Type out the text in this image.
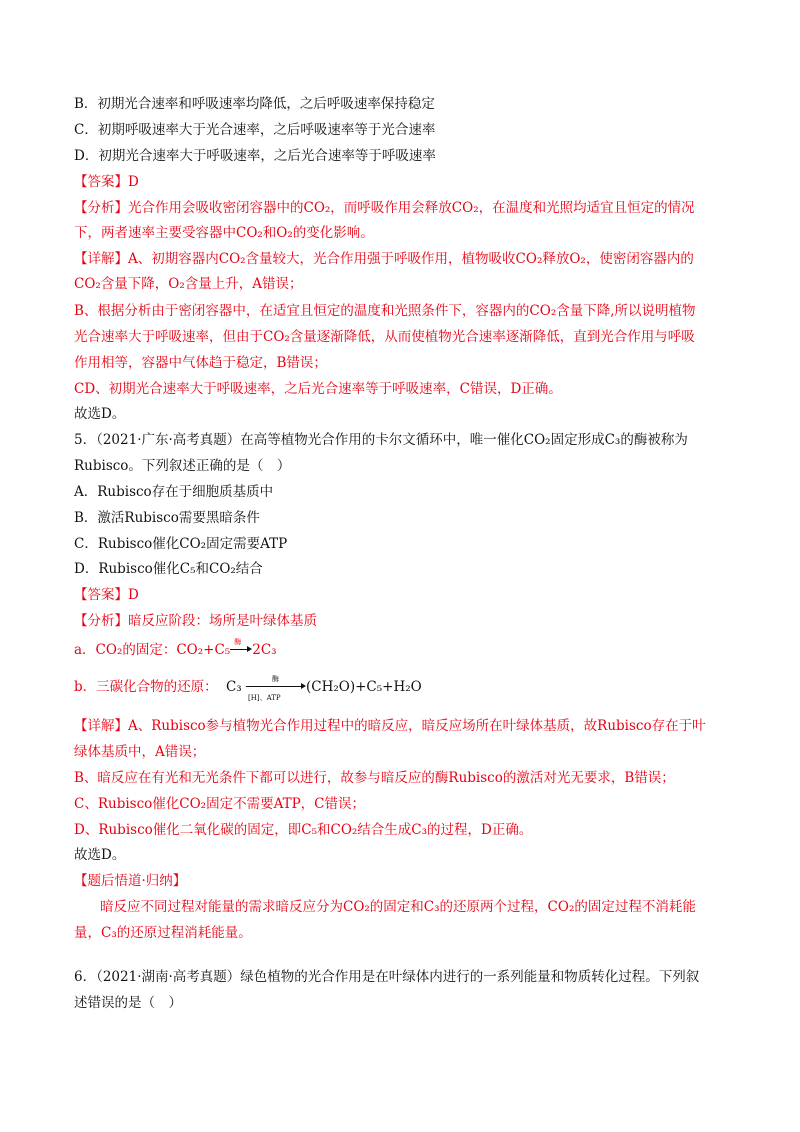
B．初期光合速率和呼吸速率均降低，之后呼吸速率保持稳定
C．初期呼吸速率大于光合速率，之后呼吸速率等于光合速率
D．初期光合速率大于呼吸速率，之后光合速率等于呼吸速率
【答案】D
【分析】光合作用会吸收密闭容器中的CO₂，而呼吸作用会释放CO₂，在温度和光照均适宜且恒定的情况
下，两者速率主要受容器中CO₂和O₂的变化影响。
【详解】A、初期容器内CO₂含量较大，光合作用强于呼吸作用，植物吸收CO₂释放O₂，使密闭容器内的
CO₂含量下降，O₂含量上升，A错误；
B、根据分析由于密闭容器中，在适宜且恒定的温度和光照条件下，容器内的CO₂含量下降,所以说明植物
光合速率大于呼吸速率，但由于CO₂含量逐渐降低，从而使植物光合速率逐渐降低，直到光合作用与呼吸
作用相等，容器中气体趋于稳定，B错误；
CD、初期光合速率大于呼吸速率，之后光合速率等于呼吸速率，C错误，D正确。
故选D。
5．（2021·广东·高考真题）在高等植物光合作用的卡尔文循环中，唯一催化CO₂固定形成C₃的酶被称为
Rubisco。下列叙述正确的是（　）
A．Rubisco存在于细胞质基质中
B．激活Rubisco需要黑暗条件
C．Rubisco催化CO₂固定需要ATP
D．Rubisco催化C₅和CO₂结合
【答案】D
【分析】暗反应阶段：场所是叶绿体基质
a．CO₂的固定：CO₂+C₅ 酶 2C₃
b．三碳化合物的还原： C₃	酶
[H]、ATP
(CH₂O)+C₅+H₂O
【详解】A、Rubisco参与植物光合作用过程中的暗反应，暗反应场所在叶绿体基质，故Rubisco存在于叶
绿体基质中，A错误；
B、暗反应在有光和无光条件下都可以进行，故参与暗反应的酶Rubisco的激活对光无要求，B错误；
C、Rubisco催化CO₂固定不需要ATP，C错误；
D、Rubisco催化二氧化碳的固定，即C₅和CO₂结合生成C₃的过程，D正确。
故选D。
【题后悟道·归纳】
暗反应不同过程对能量的需求暗反应分为CO₂的固定和C₃的还原两个过程，CO₂的固定过程不消耗能
量，C₃的还原过程消耗能量。
6．（2021·湖南·高考真题）绿色植物的光合作用是在叶绿体内进行的一系列能量和物质转化过程。下列叙
述错误的是（　）
